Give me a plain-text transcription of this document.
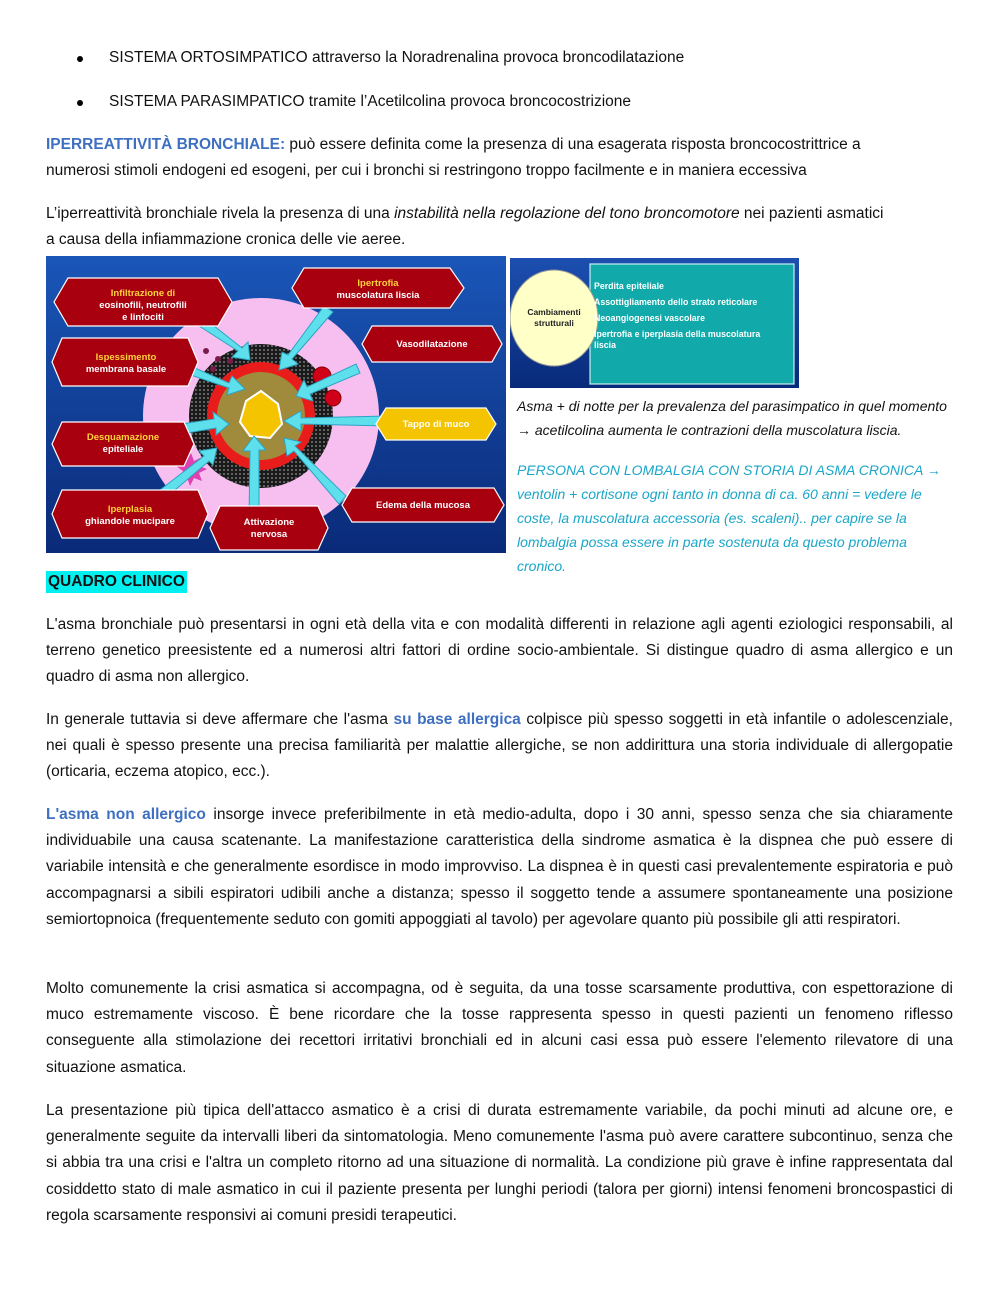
SISTEMA ORTOSIMPATICO attraverso la Noradrenalina provoca broncodilatazione
SISTEMA PARASIMPATICO tramite l’Acetilcolina provoca broncocostrizione
IPERREATTIVITÀ BRONCHIALE: può essere definita come la presenza di una esagerata risposta broncocostrittrice a
numerosi stimoli endogeni ed esogeni, per cui i bronchi si restringono troppo facilmente e in maniera eccessiva
L’iperreattività bronchiale rivela la presenza di una instabilità nella regolazione del tono broncomotore nei pazienti asmatici
a causa della infiammazione cronica delle vie aeree.
Infiltrazione di
eosinofili, neutrofili
e linfociti
Ipertrofia
muscolatura liscia
Vasodilatazione
Ispessimento
membrana basale
Tappo di muco
Desquamazione
epiteliale
Edema della mucosa
Iperplasia
ghiandole mucipare	Attivazione
nervosa
Cambiamenti
strutturali
Perdita epiteliale
Assottigliamento dello strato reticolare
Neoangiogenesi vascolare
Ipertrofia e iperplasia della muscolatura
liscia
Asma + di notte per la prevalenza del parasimpatico in quel momento
→ acetilcolina aumenta le contrazioni della muscolatura liscia.
PERSONA CON LOMBALGIA CON STORIA DI ASMA CRONICA →
ventolin + cortisone ogni tanto in donna di ca. 60 anni = vedere le
coste, la muscolatura accessoria (es. scaleni).. per capire se la
lombalgia possa essere in parte sostenuta da questo problema
cronico.
QUADRO CLINICO

L'asma bronchiale può presentarsi in ogni età della vita e con modalità differenti in relazione agli agenti eziologici responsabili, al terreno genetico preesistente ed a numerosi altri fattori di ordine socio-ambientale. Si distingue quadro di asma allergico e un quadro di asma non allergico.

In generale tuttavia si deve affermare che l'asma su base allergica colpisce più spesso soggetti in età infantile o adolescenziale, nei quali è spesso presente una precisa familiarità per malattie allergiche, se non addirittura una storia individuale di allergopatie (orticaria, eczema atopico, ecc.).

L'asma non allergico insorge invece preferibilmente in età medio-adulta, dopo i 30 anni, spesso senza che sia chiaramente individuabile una causa scatenante. La manifestazione caratteristica della sindrome asmatica è la dispnea che può essere di variabile intensità e che generalmente esordisce in modo improvviso. La dispnea è in questi casi prevalentemente espiratoria e può accompagnarsi a sibili espiratori udibili anche a distanza; spesso il soggetto tende a assumere spontaneamente una posizione semiortopnoica (frequentemente seduto con gomiti appoggiati al tavolo) per agevolare quanto più possibile gli atti respiratori.

Molto comunemente la crisi asmatica si accompagna, od è seguita, da una tosse scarsamente produttiva, con espettorazione di muco estremamente viscoso. È bene ricordare che la tosse rappresenta spesso in questi pazienti un fenomeno riflesso conseguente alla stimolazione dei recettori irritativi bronchiali ed in alcuni casi essa può essere l'elemento rilevatore di una situazione asmatica.

La presentazione più tipica dell'attacco asmatico è a crisi di durata estremamente variabile, da pochi minuti ad alcune ore, e generalmente seguite da intervalli liberi da sintomatologia. Meno comunemente l'asma può avere carattere subcontinuo, senza che si abbia tra una crisi e l'altra un completo ritorno ad una situazione di normalità. La condizione più grave è infine rappresentata dal cosiddetto stato di male asmatico in cui il paziente presenta per lunghi periodi (talora per giorni) intensi fenomeni broncospastici di regola scarsamente responsivi ai comuni presidi terapeutici.
